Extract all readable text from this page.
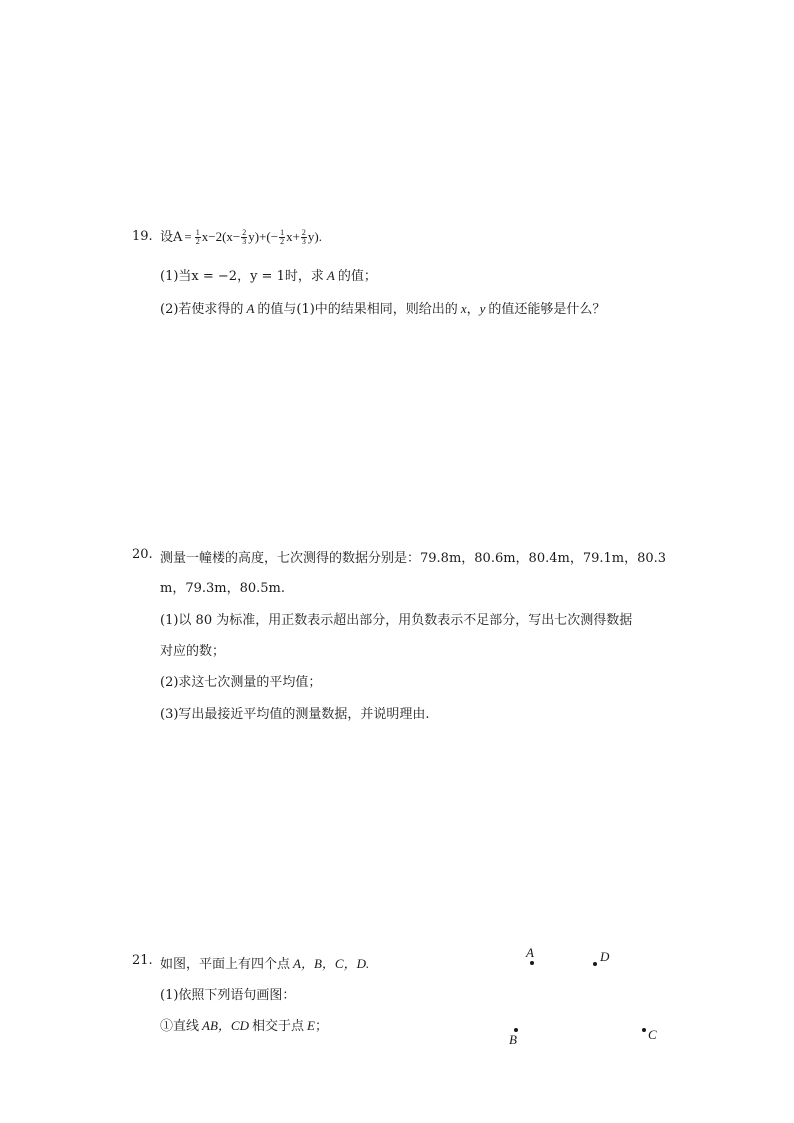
19. 设$A = \frac{1}{2} x-2(x- \frac{2}{3} y)+(- \frac{1}{2} x+ \frac{2}{3} y)$.
(1)当x = −2，y = 1时，求 A 的值；
(2)若使求得的 A 的值与(1)中的结果相同，则给出的 x，y 的值还能够是什么？
20. 测量一幢楼的高度，七次测得的数据分别是：79.8m，80.6m，80.4m，79.1m，80.3
m，79.3m，80.5m.
(1)以 80 为标准，用正数表示超出部分，用负数表示不足部分，写出七次测得数据
对应的数；
(2)求这七次测量的平均值；
(3)写出最接近平均值的测量数据，并说明理由.
21. 如图，平面上有四个点 A，B，C，D.
(1)依照下列语句画图：
①直线 AB，CD 相交于点 E；
A	D
B	C
